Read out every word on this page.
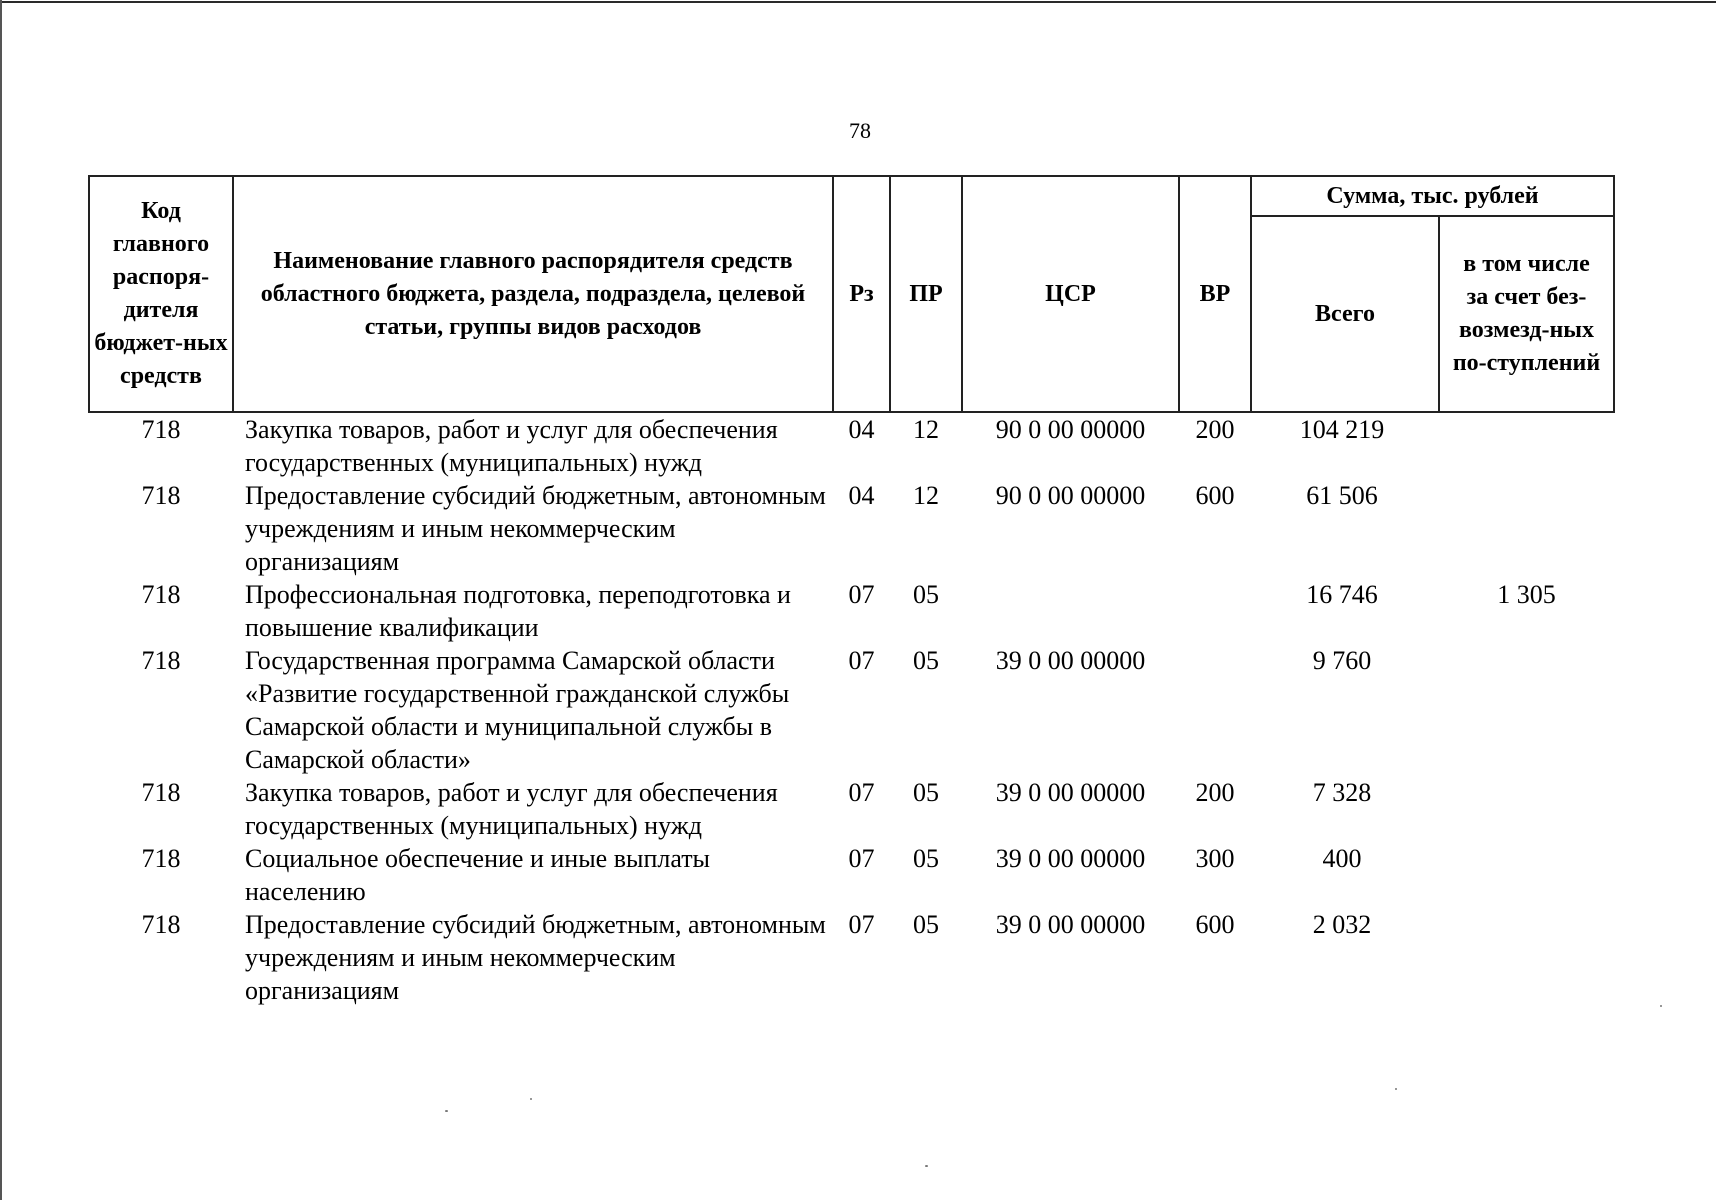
78
Код главного распоря-дителя бюджет-ных средств	Наименование главного распорядителя средств областного бюджета, раздела, подраздела, целевой статьи, группы видов расходов	Рз	ПР	ЦСР	ВР	Сумма, тыс. рублей	
						Всего	в том числе за счет без-возмезд-ных по-ступлений
718	Закупка товаров, работ и услуг для обеспечения государственных (муниципальных) нужд	04	12	90 0 00 00000	200	104 219	
718	Предоставление субсидий бюджетным, автономным учреждениям и иным некоммерческим организациям	04	12	90 0 00 00000	600	61 506	
718	Профессиональная подготовка, переподготовка и повышение квалификации	07	05			16 746	1 305
718	Государственная программа Самарской области «Развитие государственной гражданской службы Самарской области и муниципальной службы в Самарской области»	07	05	39 0 00 00000		9 760	
718	Закупка товаров, работ и услуг для обеспечения государственных (муниципальных) нужд	07	05	39 0 00 00000	200	7 328	
718	Социальное обеспечение и иные выплаты населению	07	05	39 0 00 00000	300	400	
718	Предоставление субсидий бюджетным, автономным учреждениям и иным некоммерческим организациям	07	05	39 0 00 00000	600	2 032	
